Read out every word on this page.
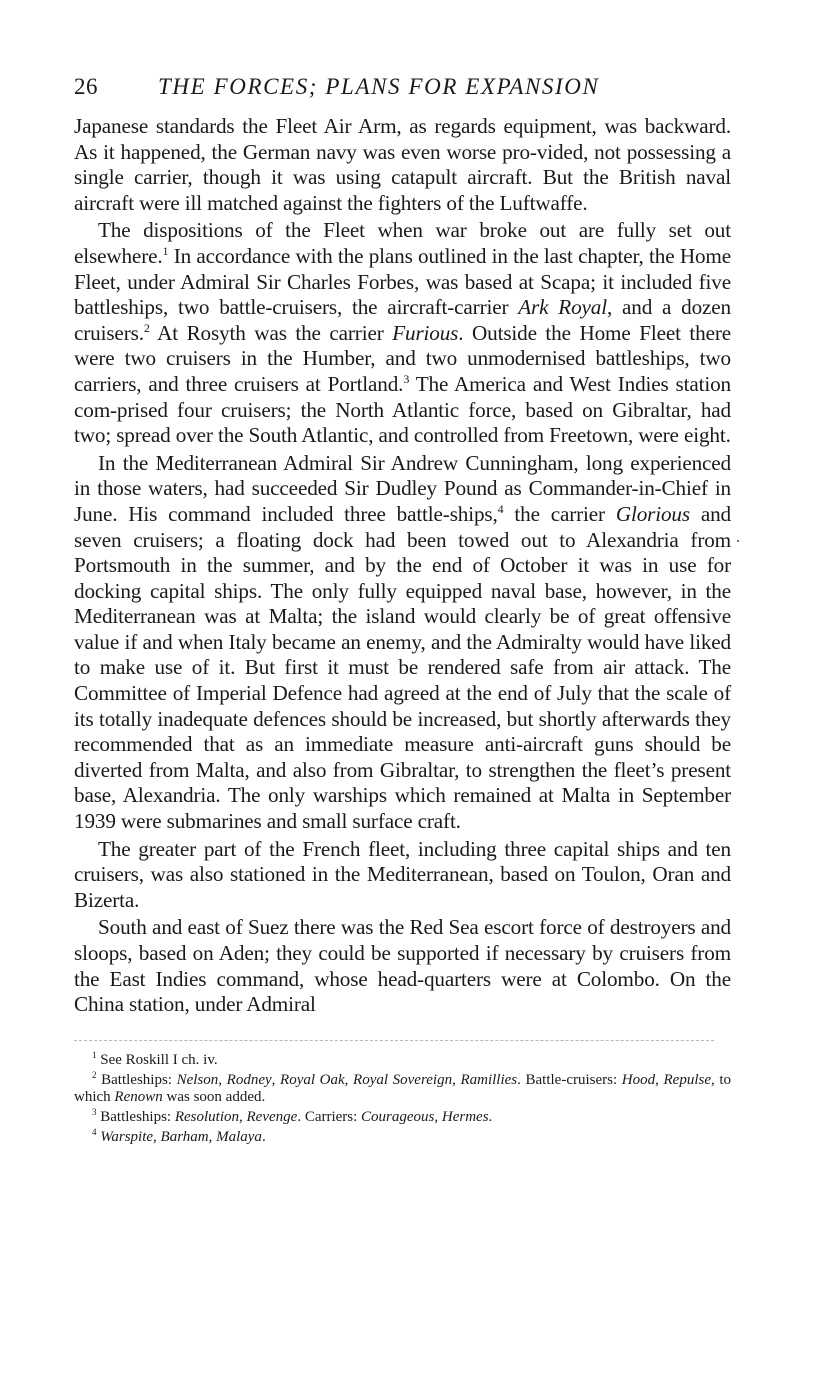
26	THE FORCES; PLANS FOR EXPANSION

Japanese standards the Fleet Air Arm, as regards equipment, was backward. As it happened, the German navy was even worse pro-vided, not possessing a single carrier, though it was using catapult aircraft. But the British naval aircraft were ill matched against the fighters of the Luftwaffe.

The dispositions of the Fleet when war broke out are fully set out elsewhere.$^1$ In accordance with the plans outlined in the last chapter, the Home Fleet, under Admiral Sir Charles Forbes, was based at Scapa; it included five battleships, two battle-cruisers, the aircraft-carrier Ark Royal, and a dozen cruisers.$^2$ At Rosyth was the carrier Furious. Outside the Home Fleet there were two cruisers in the Humber, and two unmodernised battleships, two carriers, and three cruisers at Portland.$^3$ The America and West Indies station com-prised four cruisers; the North Atlantic force, based on Gibraltar, had two; spread over the South Atlantic, and controlled from Freetown, were eight.

In the Mediterranean Admiral Sir Andrew Cunningham, long experienced in those waters, had succeeded Sir Dudley Pound as Commander-in-Chief in June. His command included three battle-ships,$^4$ the carrier Glorious and seven cruisers; a floating dock had been towed out to Alexandria from Portsmouth in the summer, and by the end of October it was in use for docking capital ships. The only fully equipped naval base, however, in the Mediterranean was at Malta; the island would clearly be of great offensive value if and when Italy became an enemy, and the Admiralty would have liked to make use of it. But first it must be rendered safe from air attack. The Committee of Imperial Defence had agreed at the end of July that the scale of its totally inadequate defences should be increased, but shortly afterwards they recommended that as an immediate measure anti-aircraft guns should be diverted from Malta, and also from Gibraltar, to strengthen the fleet’s present base, Alexandria. The only warships which remained at Malta in September 1939 were submarines and small surface craft.

The greater part of the French fleet, including three capital ships and ten cruisers, was also stationed in the Mediterranean, based on Toulon, Oran and Bizerta.

South and east of Suez there was the Red Sea escort force of destroyers and sloops, based on Aden; they could be supported if necessary by cruisers from the East Indies command, whose head-quarters were at Colombo. On the China station, under Admiral

$^1$ See Roskill I ch. iv.

$^2$ Battleships: Nelson, Rodney, Royal Oak, Royal Sovereign, Ramillies. Battle-cruisers: Hood, Repulse, to which Renown was soon added.

$^3$ Battleships: Resolution, Revenge. Carriers: Courageous, Hermes.

$^4$ Warspite, Barham, Malaya.
